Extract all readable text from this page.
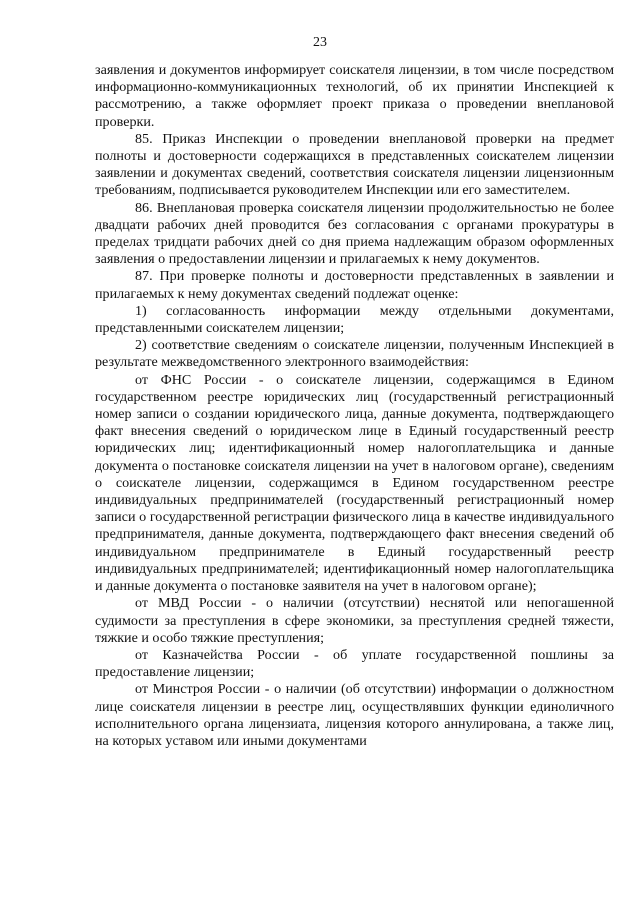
23

заявления и документов информирует соискателя лицензии, в том числе посредством информационно-коммуникационных технологий, об их принятии Инспекцией к рассмотрению, а также оформляет проект приказа о проведении внеплановой проверки.

85. Приказ Инспекции о проведении внеплановой проверки на предмет полноты и достоверности содержащихся в представленных соискателем лицензии заявлении и документах сведений, соответствия соискателя лицензии лицензионным требованиям, подписывается руководителем Инспекции или его заместителем.

86. Внеплановая проверка соискателя лицензии продолжительностью не более двадцати рабочих дней проводится без согласования с органами прокуратуры в пределах тридцати рабочих дней со дня приема надлежащим образом оформленных заявления о предоставлении лицензии и прилагаемых к нему документов.

87. При проверке полноты и достоверности представленных в заявлении и прилагаемых к нему документах сведений подлежат оценке:

1) согласованность информации между отдельными документами, представленными соискателем лицензии;

2) соответствие сведениям о соискателе лицензии, полученным Инспекцией в результате межведомственного электронного взаимодействия:

от ФНС России - о соискателе лицензии, содержащимся в Едином государственном реестре юридических лиц (государственный регистрационный номер записи о создании юридического лица, данные документа, подтверждающего факт внесения сведений о юридическом лице в Единый государственный реестр юридических лиц; идентификационный номер налогоплательщика и данные документа о постановке соискателя лицензии на учет в налоговом органе), сведениям о соискателе лицензии, содержащимся в Едином государственном реестре индивидуальных предпринимателей (государственный регистрационный номер записи о государственной регистрации физического лица в качестве индивидуального предпринимателя, данные документа, подтверждающего факт внесения сведений об индивидуальном предпринимателе в Единый государственный реестр индивидуальных предпринимателей; идентификационный номер налогоплательщика и данные документа о постановке заявителя на учет в налоговом органе);

от МВД России - о наличии (отсутствии) неснятой или непогашенной судимости за преступления в сфере экономики, за преступления средней тяжести, тяжкие и особо тяжкие преступления;

от Казначейства России - об уплате государственной пошлины за предоставление лицензии;

от Минстроя России - о наличии (об отсутствии) информации о должностном лице соискателя лицензии в реестре лиц, осуществлявших функции единоличного исполнительного органа лицензиата, лицензия которого аннулирована, а также лиц, на которых уставом или иными документами
